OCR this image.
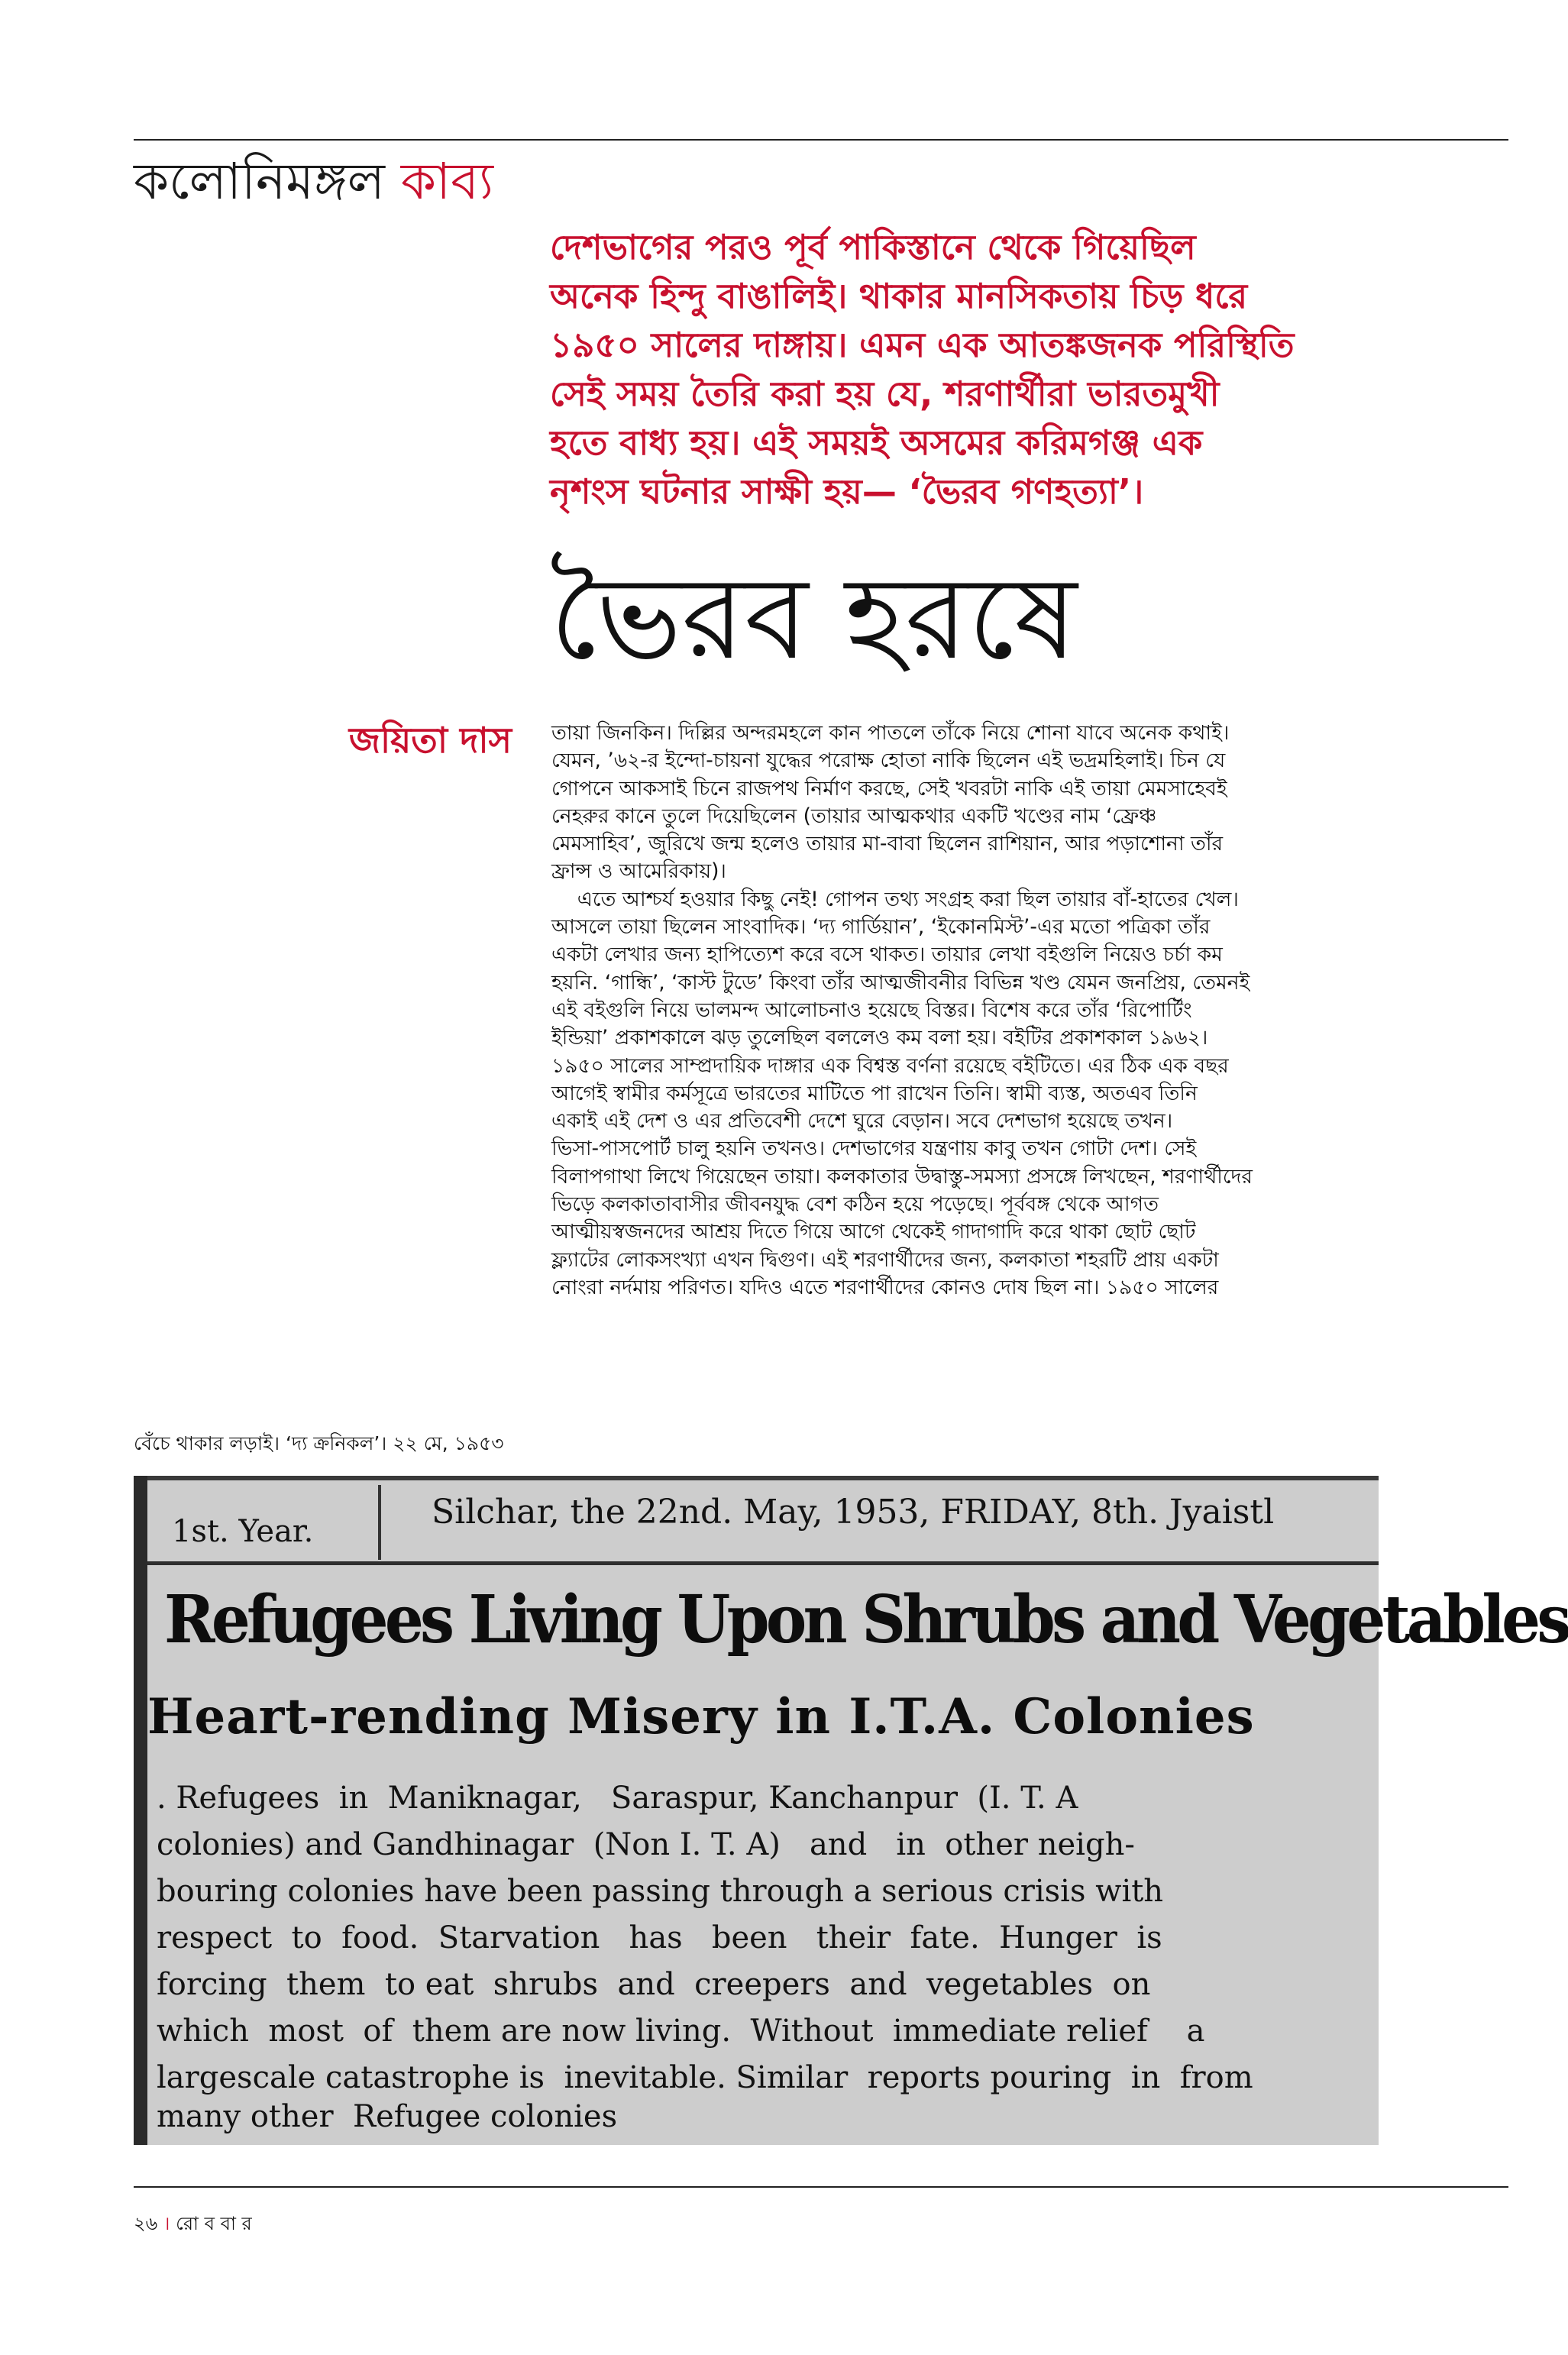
কলোনিমঙ্গল কাব্য
দেশভাগের পরও পূর্ব পাকিস্তানে থেকে গিয়েছিল
অনেক হিন্দু বাঙালিই। থাকার মানসিকতায় চিড় ধরে
১৯৫০ সালের দাঙ্গায়। এমন এক আতঙ্কজনক পরিস্থিতি
সেই সময় তৈরি করা হয় যে, শরণার্থীরা ভারতমুখী
হতে বাধ্য হয়। এই সময়ই অসমের করিমগঞ্জ এক
নৃশংস ঘটনার সাক্ষী হয়— ‘ভৈরব গণহত্যা’।
ভৈরব হরষে
জয়িতা দাস তায়া জিনকিন। দিল্লির অন্দরমহলে কান পাতলে তাঁকে নিয়ে শোনা যাবে অনেক কথাই।
যেমন, ’৬২-র ইন্দো-চায়না যুদ্ধের পরোক্ষ হোতা নাকি ছিলেন এই ভদ্রমহিলাই। চিন যে
গোপনে আকসাই চিনে রাজপথ নির্মাণ করছে, সেই খবরটা নাকি এই তায়া মেমসাহেবই
নেহরুর কানে তুলে দিয়েছিলেন (তায়ার আত্মকথার একটি খণ্ডের নাম ‘ফ্রেঞ্চ
মেমসাহিব’, জুরিখে জন্ম হলেও তায়ার মা-বাবা ছিলেন রাশিয়ান, আর পড়াশোনা তাঁর
ফ্রান্স ও আমেরিকায়)।
এতে আশ্চর্য হওয়ার কিছু নেই! গোপন তথ্য সংগ্রহ করা ছিল তায়ার বাঁ-হাতের খেল।
আসলে তায়া ছিলেন সাংবাদিক। ‘দ্য গার্ডিয়ান’, ‘ইকোনমিস্ট’-এর মতো পত্রিকা তাঁর
একটা লেখার জন্য হাপিত্যেশ করে বসে থাকত। তায়ার লেখা বইগুলি নিয়েও চর্চা কম
হয়নি. ‘গান্ধি’, ‘কাস্ট টুডে’ কিংবা তাঁর আত্মজীবনীর বিভিন্ন খণ্ড যেমন জনপ্রিয়, তেমনই
এই বইগুলি নিয়ে ভালমন্দ আলোচনাও হয়েছে বিস্তর। বিশেষ করে তাঁর ‘রিপোর্টিং
ইন্ডিয়া’ প্রকাশকালে ঝড় তুলেছিল বললেও কম বলা হয়। বইটির প্রকাশকাল ১৯৬২।
১৯৫০ সালের সাম্প্রদায়িক দাঙ্গার এক বিশ্বস্ত বর্ণনা রয়েছে বইটিতে। এর ঠিক এক বছর
আগেই স্বামীর কর্মসূত্রে ভারতের মাটিতে পা রাখেন তিনি। স্বামী ব্যস্ত, অতএব তিনি
একাই এই দেশ ও এর প্রতিবেশী দেশে ঘুরে বেড়ান। সবে দেশভাগ হয়েছে তখন।
ভিসা-পাসপোর্ট চালু হয়নি তখনও। দেশভাগের যন্ত্রণায় কাবু তখন গোটা দেশ। সেই
বিলাপগাথা লিখে গিয়েছেন তায়া। কলকাতার উদ্বাস্তু-সমস্যা প্রসঙ্গে লিখছেন, শরণার্থীদের
ভিড়ে কলকাতাবাসীর জীবনযুদ্ধ বেশ কঠিন হয়ে পড়েছে। পূর্ববঙ্গ থেকে আগত
আত্মীয়স্বজনদের আশ্রয় দিতে গিয়ে আগে থেকেই গাদাগাদি করে থাকা ছোট ছোট
ফ্ল্যাটের লোকসংখ্যা এখন দ্বিগুণ। এই শরণার্থীদের জন্য, কলকাতা শহরটি প্রায় একটা
নোংরা নর্দমায় পরিণত। যদিও এতে শরণার্থীদের কোনও দোষ ছিল না। ১৯৫০ সালের
বেঁচে থাকার লড়াই। ‘দ্য ক্রনিকল’। ২২ মে, ১৯৫৩
1st. Year.	Silchar, the 22nd. May, 1953, FRIDAY, 8th. Jyaistl
Refugees Living Upon Shrubs and Vegetables
Heart-rending Misery in I.T.A. Colonies
. Refugees  in  Maniknagar,   Saraspur, Kanchanpur  (I. T. A
colonies) and Gandhinagar  (Non I. T. A)   and   in  other neigh-
bouring colonies have been passing through a serious crisis with
respect  to  food.  Starvation   has   been   their  fate.  Hunger  is
forcing  them  to eat  shrubs  and  creepers  and  vegetables  on
which  most  of  them are now living.  Without  immediate relief    a
largescale catastrophe is  inevitable. Similar  reports pouring  in  from
many other  Refugee colonies
২৬ । রো ব বা র
